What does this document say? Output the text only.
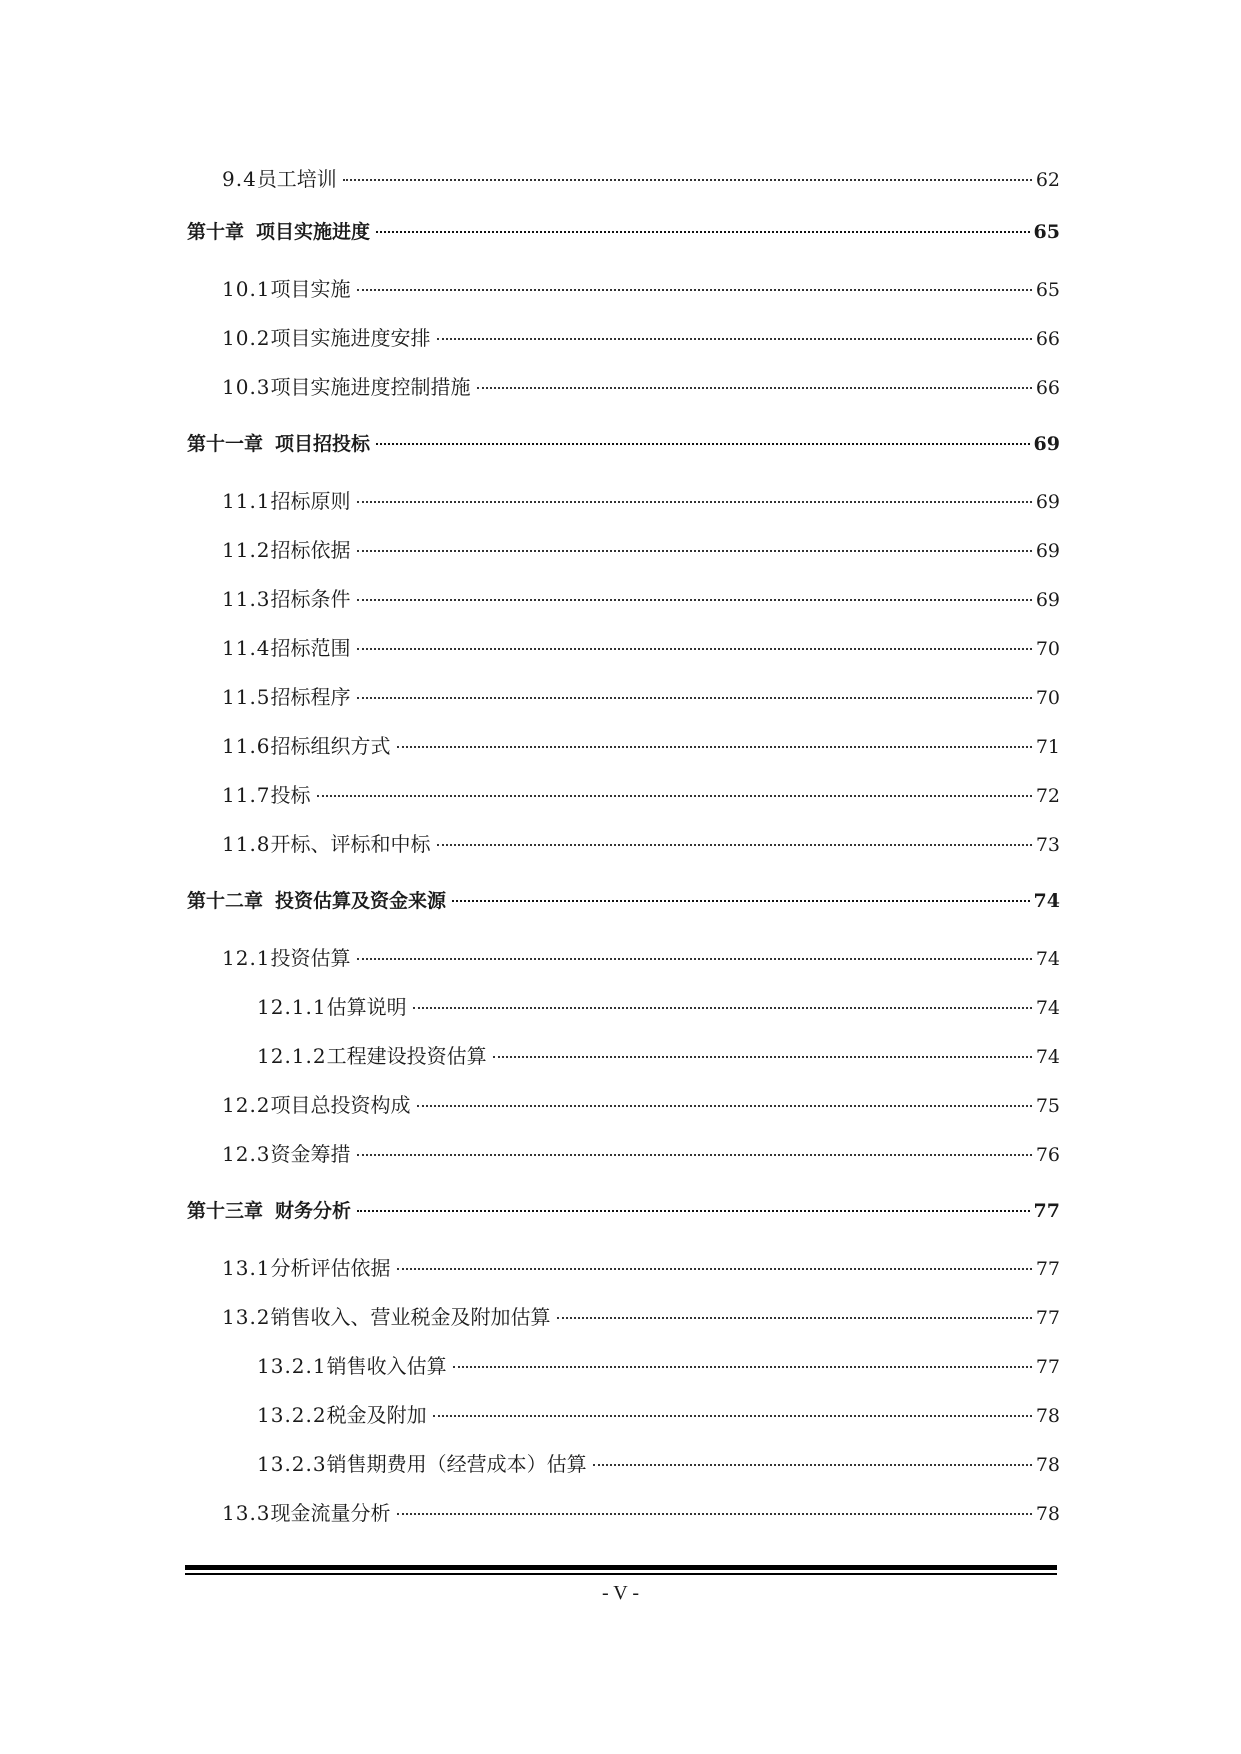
9.4 员工培训	62
第十章 项目实施进度	65
10.1 项目实施	65
10.2 项目实施进度安排	66
10.3 项目实施进度控制措施	66
第十一章 项目招投标	69
11.1 招标原则	69
11.2 招标依据	69
11.3 招标条件	69
11.4 招标范围	70
11.5 招标程序	70
11.6 招标组织方式	71
11.7 投标	72
11.8 开标、评标和中标	73
第十二章 投资估算及资金来源	74
12.1 投资估算	74
12.1.1 估算说明	74
12.1.2 工程建设投资估算	74
12.2 项目总投资构成	75
12.3 资金筹措	76
第十三章 财务分析	77
13.1 分析评估依据	77
13.2 销售收入、营业税金及附加估算	77
13.2.1 销售收入估算	77
13.2.2 税金及附加	78
13.2.3 销售期费用（经营成本）估算	78
13.3 现金流量分析	78
- V -
